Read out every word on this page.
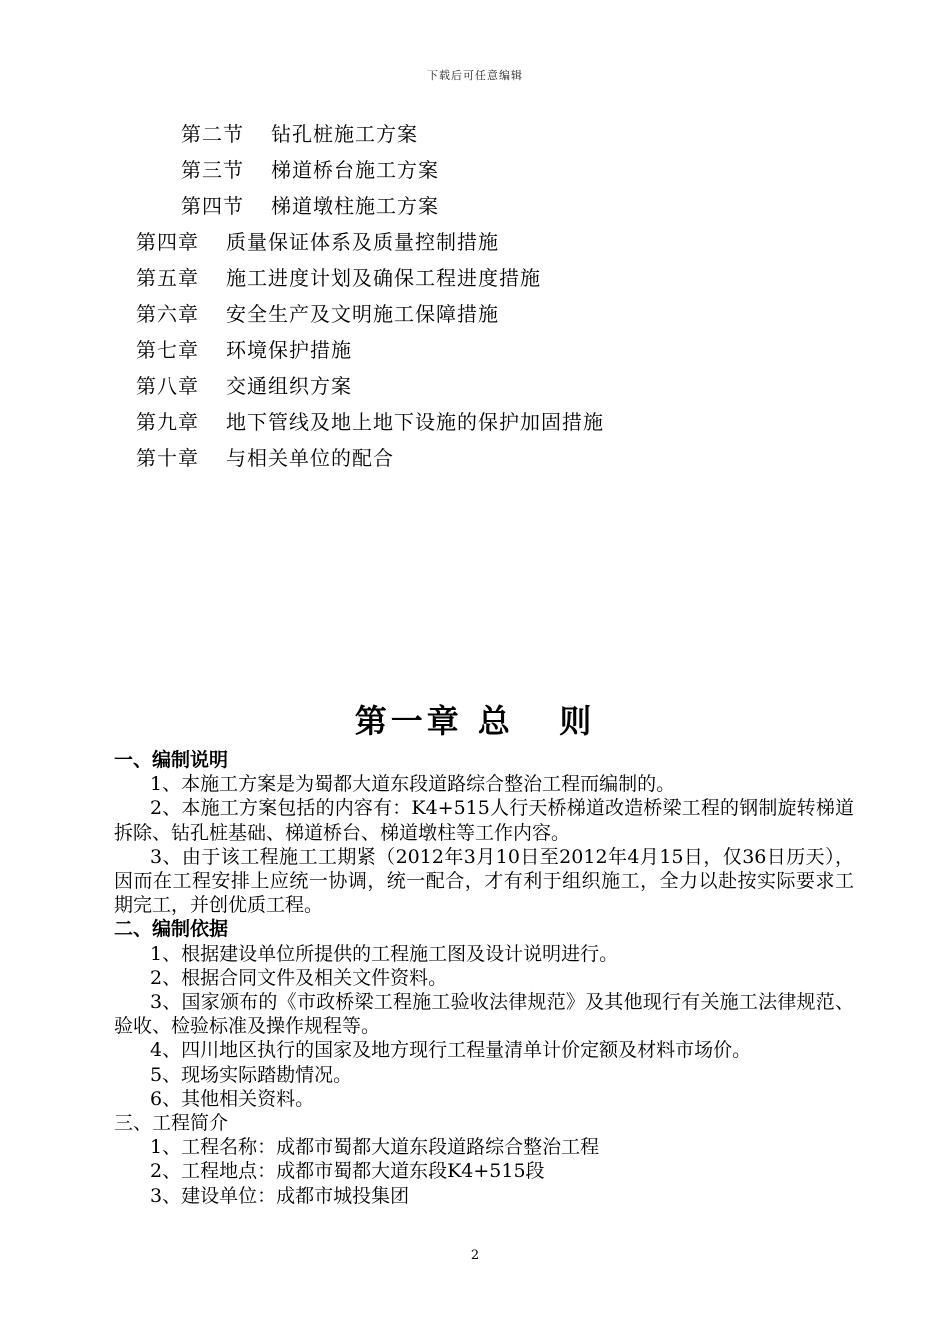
下载后可任意编辑
第二节 钻孔桩施工方案
第三节 梯道桥台施工方案
第四节 梯道墩柱施工方案
第四章 质量保证体系及质量控制措施
第五章 施工进度计划及确保工程进度措施
第六章 安全生产及文明施工保障措施
第七章 环境保护措施
第八章 交通组织方案
第九章 地下管线及地上地下设施的保护加固措施
第十章 与相关单位的配合
第一章 总   则
一、编制说明
1、本施工方案是为蜀都大道东段道路综合整治工程而编制的。
2、本施工方案包括的内容有：K4+515人行天桥梯道改造桥梁工程的钢制旋转梯道拆除、钻孔桩基础、梯道桥台、梯道墩柱等工作内容。
3、由于该工程施工工期紧（2012年3月10日至2012年4月15日，仅36日历天），因而在工程安排上应统一协调，统一配合，才有利于组织施工，全力以赴按实际要求工期完工，并创优质工程。
二、编制依据
1、根据建设单位所提供的工程施工图及设计说明进行。
2、根据合同文件及相关文件资料。
3、国家颁布的《市政桥梁工程施工验收法律规范》及其他现行有关施工法律规范、验收、检验标准及操作规程等。
4、四川地区执行的国家及地方现行工程量清单计价定额及材料市场价。
5、现场实际踏勘情况。
6、其他相关资料。
三、工程简介
1、工程名称：成都市蜀都大道东段道路综合整治工程
2、工程地点：成都市蜀都大道东段K4+515段
3、建设单位：成都市城投集团
2
